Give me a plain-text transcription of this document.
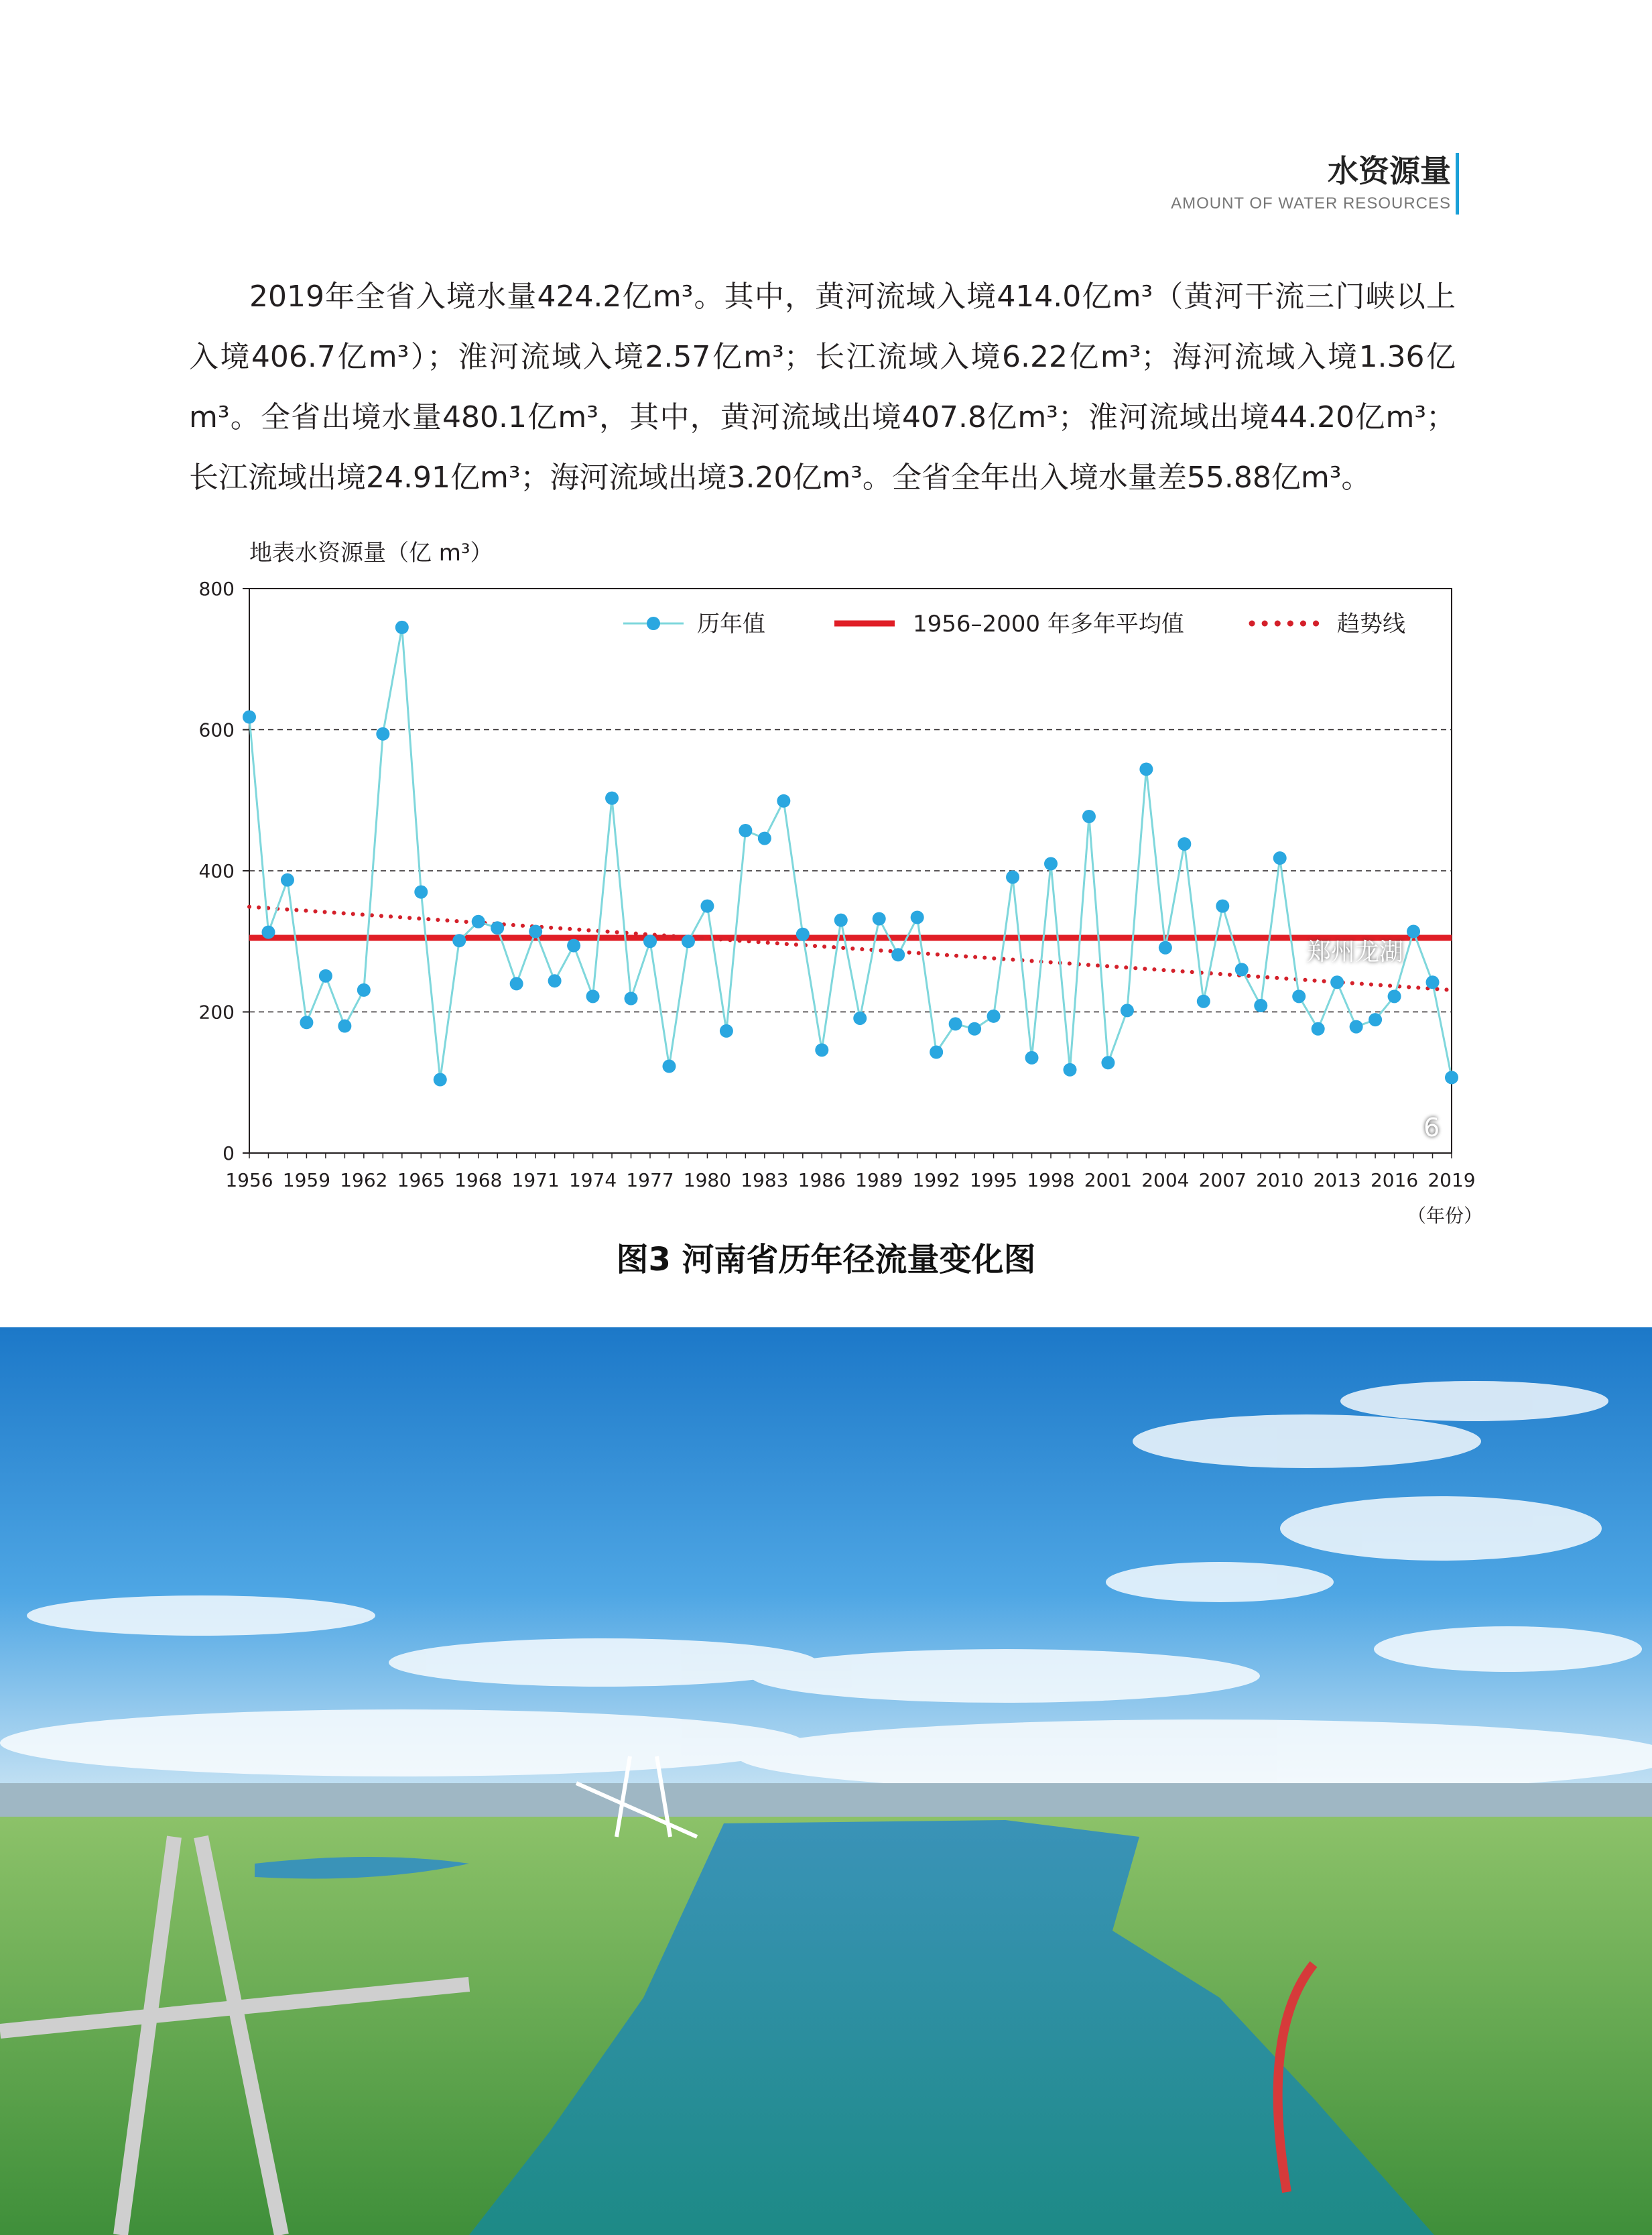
水资源量
AMOUNT OF WATER RESOURCES

2019年全省入境水量424.2亿m³。其中，黄河流域入境414.0亿m³（黄河干流三门峡以上入境406.7亿m³）；淮河流域入境2.57亿m³；长江流域入境6.22亿m³；海河流域入境1.36亿m³。全省出境水量480.1亿m³，其中，黄河流域出境407.8亿m³；淮河流域出境44.20亿m³；长江流域出境24.91亿m³；海河流域出境3.20亿m³。全省全年出入境水量差55.88亿m³。

地表水资源量（亿 m³）
0
200
400
600
800
1956 1959 1962 1965 1968 1971 1974 1977 1980 1983 1986 1989 1992 1995 1998 2001 2004 2007 2010 2013 2016 2019
历年值	1956–2000 年多年平均值	趋势线
（年份）
图3 河南省历年径流量变化图
郑州龙湖
6
